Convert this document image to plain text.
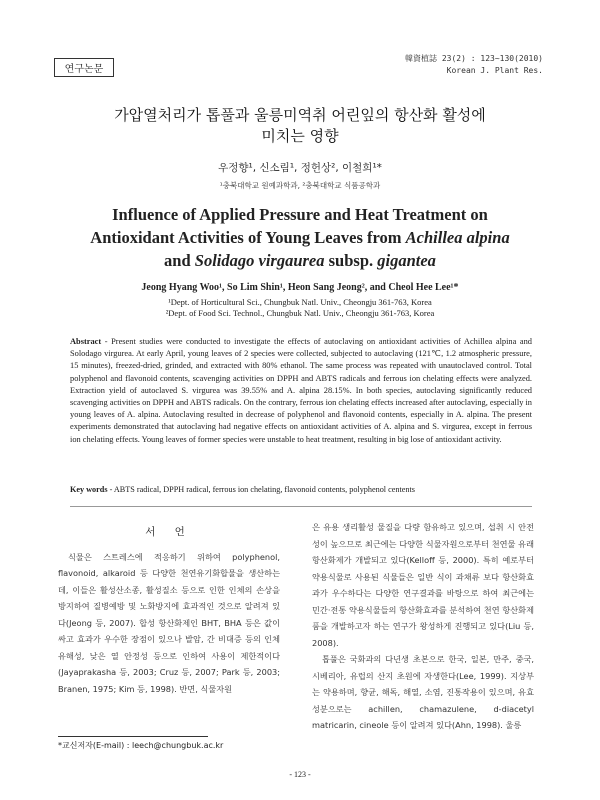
연구논문
韓資植誌 23(2) : 123~130(2010)
Korean J. Plant Res.
가압열처리가 톱풀과 울릉미역취 어린잎의 항산화 활성에
미치는 영향
우정향¹, 신소림¹, 정헌상², 이철희¹*
¹충북대학교 원예과학과, ²충북대학교 식품공학과
Influence of Applied Pressure and Heat Treatment on
Antioxidant Activities of Young Leaves from Achillea alpina
and Solidago virgaurea subsp. gigantea
Jeong Hyang Woo¹, So Lim Shin¹, Heon Sang Jeong², and Cheol Hee Lee¹*
¹Dept. of Horticultural Sci., Chungbuk Natl. Univ., Cheongju 361-763, Korea
²Dept. of Food Sci. Technol., Chungbuk Natl. Univ., Cheongju 361-763, Korea
Abstract - Present studies were conducted to investigate the effects of autoclaving on antioxidant activities of Achillea alpina and Solodago virgurea. At early April, young leaves of 2 species were collected, subjected to autoclaving (121℃, 1.2 atmospheric pressure, 15 minutes), freezed-dried, grinded, and extracted with 80% ethanol. The same process was repeated with unautoclaved control. Total polyphenol and flavonoid contents, scavenging activities on DPPH and ABTS radicals and ferrous ion chelating effects were analyzed. Extraction yield of autoclaved S. virgurea was 39.55% and A. alpina 28.15%. In both species, autoclaving significantly reduced scavenging activities on DPPH and ABTS radicals. On the contrary, ferrous ion chelating effects increased after autoclaving, especially in young leaves of A. alpina. Autoclaving resulted in decrease of polyphenol and flavonoid contents, especially in A. alpina. The present experiments demonstrated that autoclaving had negative effects on antioxidant activities of A. alpina and S. virgurea, except in ferrous ion chelating effects. Young leaves of former species were unstable to heat treatment, resulting in big lose of antioxidant activity.
Key words - ABTS radical, DPPH radical, ferrous ion chelating, flavonoid contents, polyphenol centents
서 언

식물은 스트레스에 적응하기 위하여 polyphenol, flavonoid, alkaroid 등 다양한 천연유기화합물을 생산하는데, 이들은 활성산소종, 활성질소 등으로 인한 인체의 손상을 방지하여 질병예방 및 노화방지에 효과적인 것으로 알려져 있다(Jeong 등, 2007). 합성 항산화제인 BHT, BHA 등은 값이 싸고 효과가 우수한 장점이 있으나 발암, 간 비대증 등의 인체 유해성, 낮은 열 안정성 등으로 인하여 사용이 제한적이다(Jayaprakasha 등, 2003; Cruz 등, 2007; Park 등, 2003; Branen, 1975; Kim 등, 1998). 반면, 식물자원

은 유용 생리활성 물질을 다량 함유하고 있으며, 섭취 시 안전성이 높으므로 최근에는 다양한 식물자원으로부터 천연물 유래 항산화제가 개발되고 있다(Kelloff 등, 2000). 특히 예로부터 약용식물로 사용된 식물들은 일반 식이 과채류 보다 항산화효과가 우수하다는 다양한 연구결과를 바탕으로 하여 최근에는 민간·전통 약용식물들의 항산화효과를 분석하여 천연 항산화제품을 개발하고자 하는 연구가 왕성하게 진행되고 있다(Liu 등, 2008).

톱풀은 국화과의 다년생 초본으로 한국, 일본, 만주, 중국, 시베리아, 유럽의 산지 초원에 자생한다(Lee, 1999). 지상부는 약용하며, 향균, 해독, 해열, 소염, 진통작용이 있으며, 유효성분으로는 achillen, chamazulene, d-diacetyl matricarin, cineole 등이 알려져 있다(Ahn, 1998). 울릉

*교신저자(E-mail) : leech@chungbuk.ac.kr
- 123 -
